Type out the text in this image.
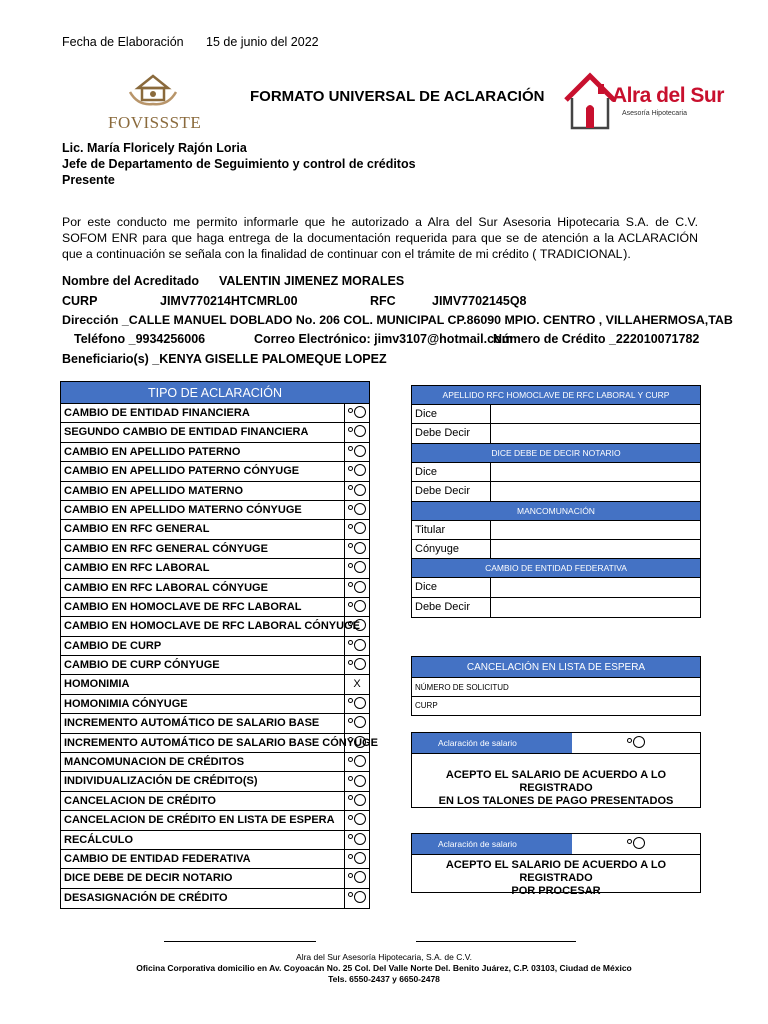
Fecha de Elaboración 15 de junio del 2022
FOVISSSTE
FORMATO UNIVERSAL DE ACLARACIÓN	Alra del Sur
Asesoría Hipotecaria
Lic. María Floricely Rajón Loria
Jefe de Departamento de Seguimiento y control de créditos
Presente
Por este conducto me permito informarle que he autorizado a Alra del Sur Asesoria Hipotecaria S.A. de C.V.
SOFOM ENR para que haga entrega de la documentación requerida para que se de atención a la ACLARACIÓN
que a continuación se señala con la finalidad de continuar con el trámite de mi crédito ( TRADICIONAL ).
Nombre del Acreditado VALENTIN JIMENEZ MORALES
CURP	JIMV770214HTCMRL00	RFC	JIMV7702145Q8
Dirección _CALLE MANUEL DOBLADO No. 206 COL. MUNICIPAL CP.86090 MPIO. CENTRO , VILLAHERMOSA,TAB
Teléfono _9934256006	Correo Electrónico: jimv3107@hotmail.com
Número de Crédito _222010071782
Beneficiario(s) _KENYA GISELLE PALOMEQUE LOPEZ
TIPO DE ACLARACIÓN
CAMBIO DE ENTIDAD FINANCIERA
SEGUNDO CAMBIO DE ENTIDAD FINANCIERA
CAMBIO EN APELLIDO PATERNO
CAMBIO EN APELLIDO PATERNO CÓNYUGE
CAMBIO EN APELLIDO MATERNO
CAMBIO EN APELLIDO MATERNO CÓNYUGE
CAMBIO EN RFC GENERAL
CAMBIO EN RFC GENERAL CÓNYUGE
CAMBIO EN RFC LABORAL
CAMBIO EN RFC LABORAL CÓNYUGE
CAMBIO EN HOMOCLAVE DE RFC LABORAL
CAMBIO EN HOMOCLAVE DE RFC LABORAL CÓNYUGE
CAMBIO DE CURP
CAMBIO DE CURP CÓNYUGE
HOMONIMIA	X
HOMONIMIA CÓNYUGE
INCREMENTO AUTOMÁTICO DE SALARIO BASE
INCREMENTO AUTOMÁTICO DE SALARIO BASE CÓNYUGE
MANCOMUNACION DE CRÉDITOS
INDIVIDUALIZACIÓN DE CRÉDITO(S)
CANCELACION DE CRÉDITO
CANCELACION DE CRÉDITO EN LISTA DE ESPERA
RECÁLCULO
CAMBIO DE ENTIDAD FEDERATIVA
DICE DEBE DE DECIR NOTARIO
DESASIGNACIÓN DE CRÉDITO
APELLIDO RFC HOMOCLAVE DE RFC LABORAL Y CURP
Dice
Debe Decir
DICE DEBE DE DECIR NOTARIO
Dice
Debe Decir
MANCOMUNACIÓN
Titular
Cónyuge
CAMBIO DE ENTIDAD FEDERATIVA
Dice
Debe Decir
CANCELACIÓN EN LISTA DE ESPERA
NÚMERO DE SOLICITUD
CURP
Aclaración de salario
ACEPTO EL SALARIO DE ACUERDO A LO REGISTRADO
EN LOS TALONES DE PAGO PRESENTADOS
Aclaración de salario
ACEPTO EL SALARIO DE ACUERDO A LO REGISTRADO
POR PROCESAR
Alra del Sur Asesoría Hipotecaria, S.A. de C.V.
Oficina Corporativa domicilio en Av. Coyoacán No. 25 Col. Del Valle Norte Del. Benito Juárez, C.P. 03103, Ciudad de México
Tels. 6550-2437 y 6650-2478
